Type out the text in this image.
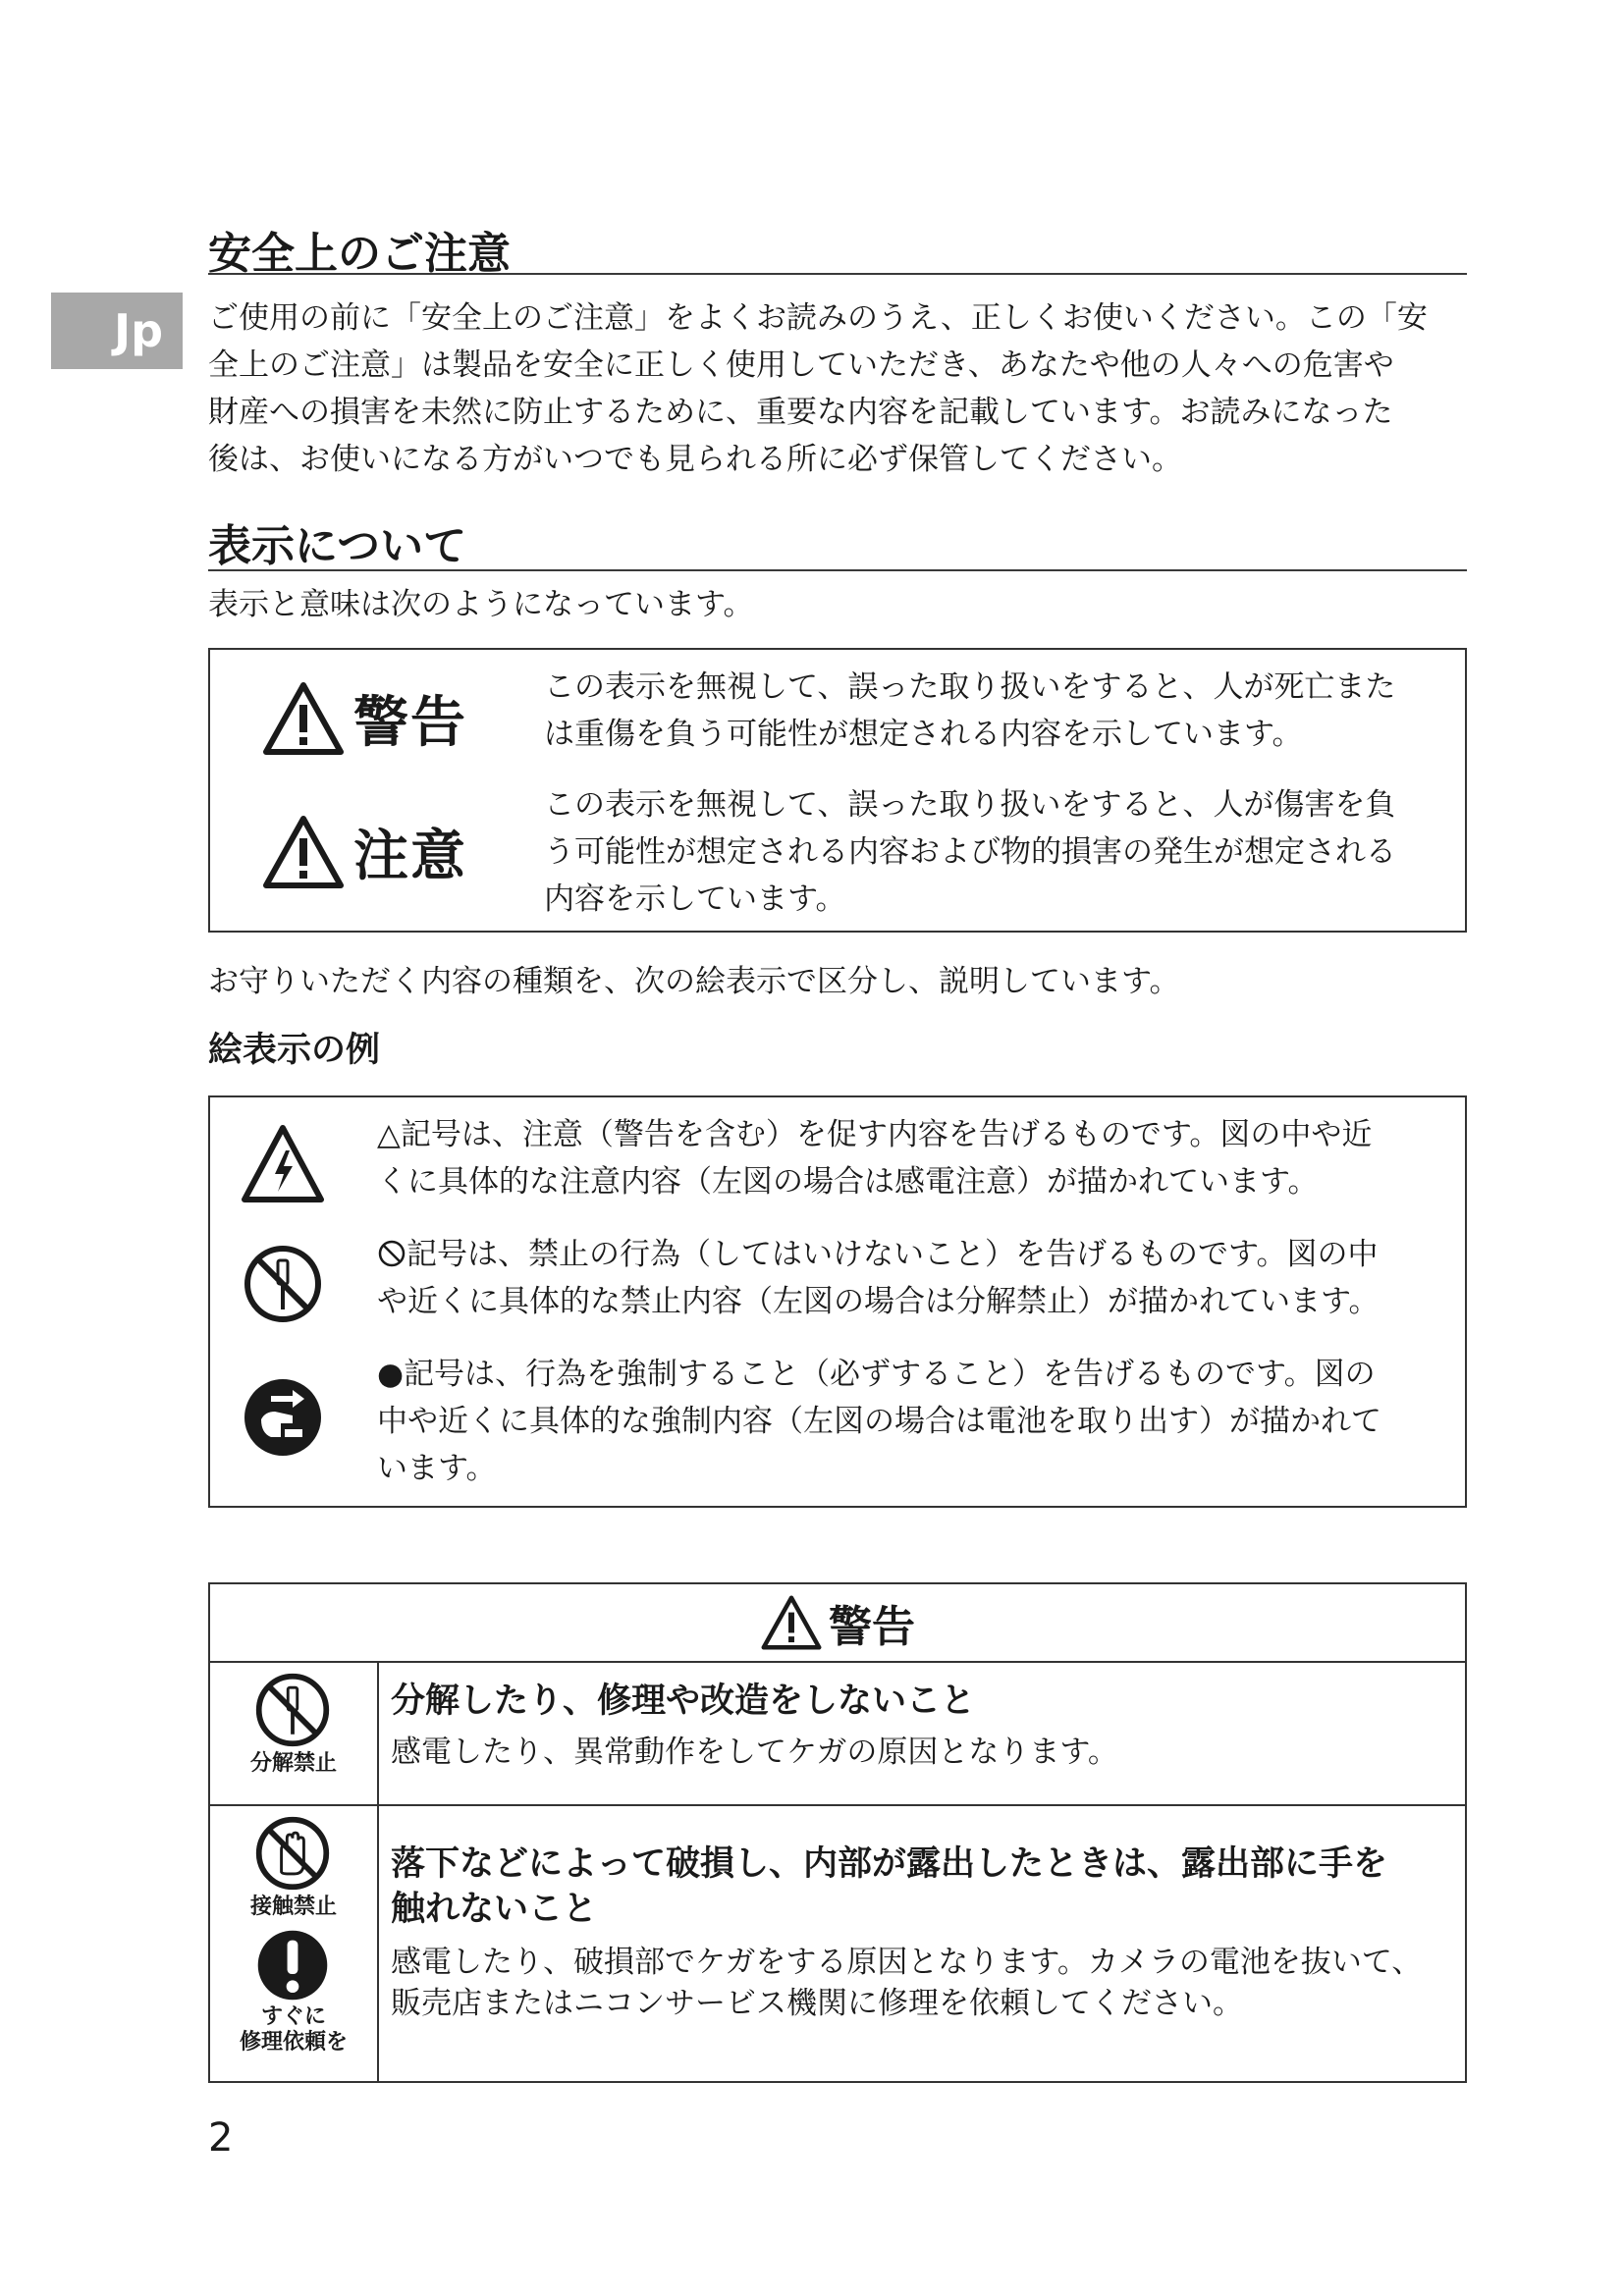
Jp
安全上のご注意
ご使用の前に「安全上のご注意」をよくお読みのうえ、正しくお使いください。この「安
全上のご注意」は製品を安全に正しく使用していただき、あなたや他の人々への危害や
財産への損害を未然に防止するために、重要な内容を記載しています。お読みになった
後は、お使いになる方がいつでも見られる所に必ず保管してください。
表示について
表示と意味は次のようになっています。
警告
この表示を無視して、誤った取り扱いをすると、人が死亡また
は重傷を負う可能性が想定される内容を示しています。
注意
この表示を無視して、誤った取り扱いをすると、人が傷害を負
う可能性が想定される内容および物的損害の発生が想定される
内容を示しています。
お守りいただく内容の種類を、次の絵表示で区分し、説明しています。
絵表示の例
△記号は、注意（警告を含む）を促す内容を告げるものです。図の中や近
くに具体的な注意内容（左図の場合は感電注意）が描かれています。
記号は、禁止の行為（してはいけないこと）を告げるものです。図の中
や近くに具体的な禁止内容（左図の場合は分解禁止）が描かれています。
●記号は、行為を強制すること（必ずすること）を告げるものです。図の
中や近くに具体的な強制内容（左図の場合は電池を取り出す）が描かれて
います。
警告
分解禁止
分解したり、修理や改造をしないこと
感電したり、異常動作をしてケガの原因となります。
接触禁止
すぐに
修理依頼を
落下などによって破損し、内部が露出したときは、露出部に手を
触れないこと
感電したり、破損部でケガをする原因となります。カメラの電池を抜いて、
販売店またはニコンサービス機関に修理を依頼してください。
2
